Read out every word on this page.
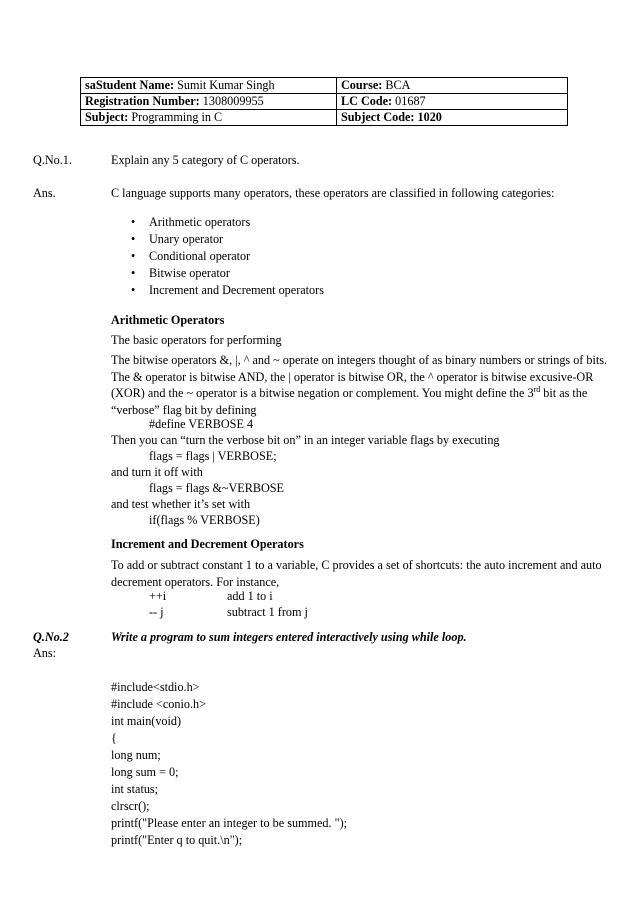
saStudent Name: Sumit Kumar Singh	Course: BCA
Registration Number: 1308009955	LC Code: 01687
Subject: Programming in C	Subject Code: 1020
Q.No.1.	Explain any 5 category of C operators.
Ans.	C language supports many operators, these operators are classified in following categories:
• Arithmetic operators
• Unary operator
• Conditional operator
• Bitwise operator
• Increment and Decrement operators
Arithmetic Operators
The basic operators for performing
The bitwise operators &, |, ^ and ~ operate on integers thought of as binary numbers or strings of bits. The & operator is bitwise AND, the | operator is bitwise OR, the ^ operator is bitwise excusive-OR (XOR) and the ~ operator is a bitwise negation or complement. You might define the 3rd bit as the “verbose” flag bit by defining
#define VERBOSE 4
Then you can “turn the verbose bit on” in an integer variable flags by executing
flags = flags | VERBOSE;
and turn it off with
flags = flags &~VERBOSE
and test whether it’s set with
if(flags % VERBOSE)
Increment and Decrement Operators
To add or subtract constant 1 to a variable, C provides a set of shortcuts: the auto increment and auto decrement operators. For instance,
++i	add 1 to i
-- j	subtract 1 from j
Q.No.2	Write a program to sum integers entered interactively using while loop.
Ans:
#include<stdio.h>
#include <conio.h>
int main(void)
{
long num;
long sum = 0;
int status;
clrscr();
printf("Please enter an integer to be summed. ");
printf("Enter q to quit.\n");
